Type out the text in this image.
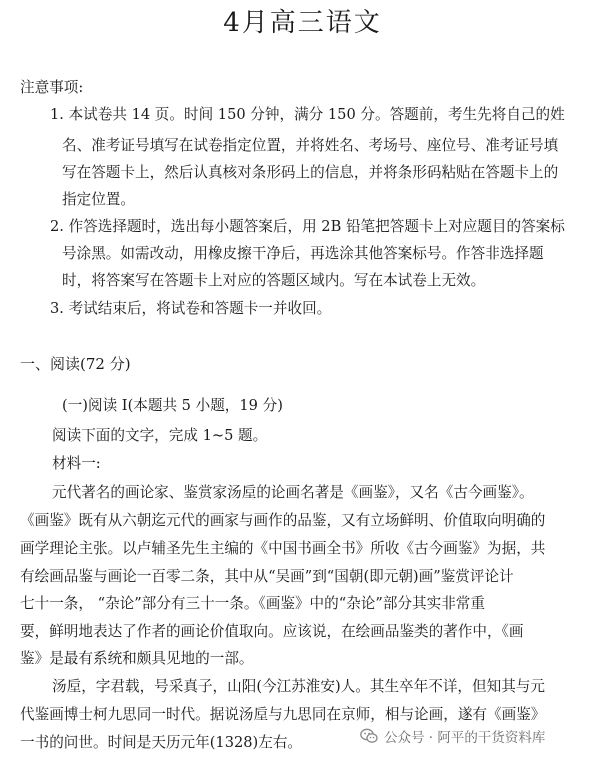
4月高三语文
注意事项:
1. 本试卷共 14 页。时间 150 分钟，满分 150 分。答题前，考生先将自己的姓
名、准考证号填写在试卷指定位置，并将姓名、考场号、座位号、准考证号填
写在答题卡上，然后认真核对条形码上的信息，并将条形码粘贴在答题卡上的
指定位置。
2. 作答选择题时，选出每小题答案后，用 2B 铅笔把答题卡上对应题目的答案标
号涂黑。如需改动，用橡皮擦干净后，再选涂其他答案标号。作答非选择题
时，将答案写在答题卡上对应的答题区域内。写在本试卷上无效。
3. 考试结束后，将试卷和答题卡一并收回。
一、阅读(72 分)
(一)阅读 I(本题共 5 小题，19 分)
阅读下面的文字，完成 1~5 题。
材料一:
元代著名的画论家、鉴赏家汤垕的论画名著是《画鉴》，又名《古今画鉴》。
《画鉴》既有从六朝迄元代的画家与画作的品鉴，又有立场鲜明、价值取向明确的
画学理论主张。以卢辅圣先生主编的《中国书画全书》所收《古今画鉴》为据，共
有绘画品鉴与画论一百零二条，其中从“吴画”到“国朝(即元朝)画”鉴赏评论计
七十一条， “杂论”部分有三十一条。《画鉴》中的“杂论”部分其实非常重
要，鲜明地表达了作者的画论价值取向。应该说，在绘画品鉴类的著作中，《画
鉴》是最有系统和颇具见地的一部。
汤垕，字君载，号采真子，山阳(今江苏淮安)人。其生卒年不详，但知其与元
代鉴画博士柯九思同一时代。据说汤垕与九思同在京师，相与论画，遂有《画鉴》
一书的问世。时间是天历元年(1328)左右。	公众号 · 阿平的干货资料库
